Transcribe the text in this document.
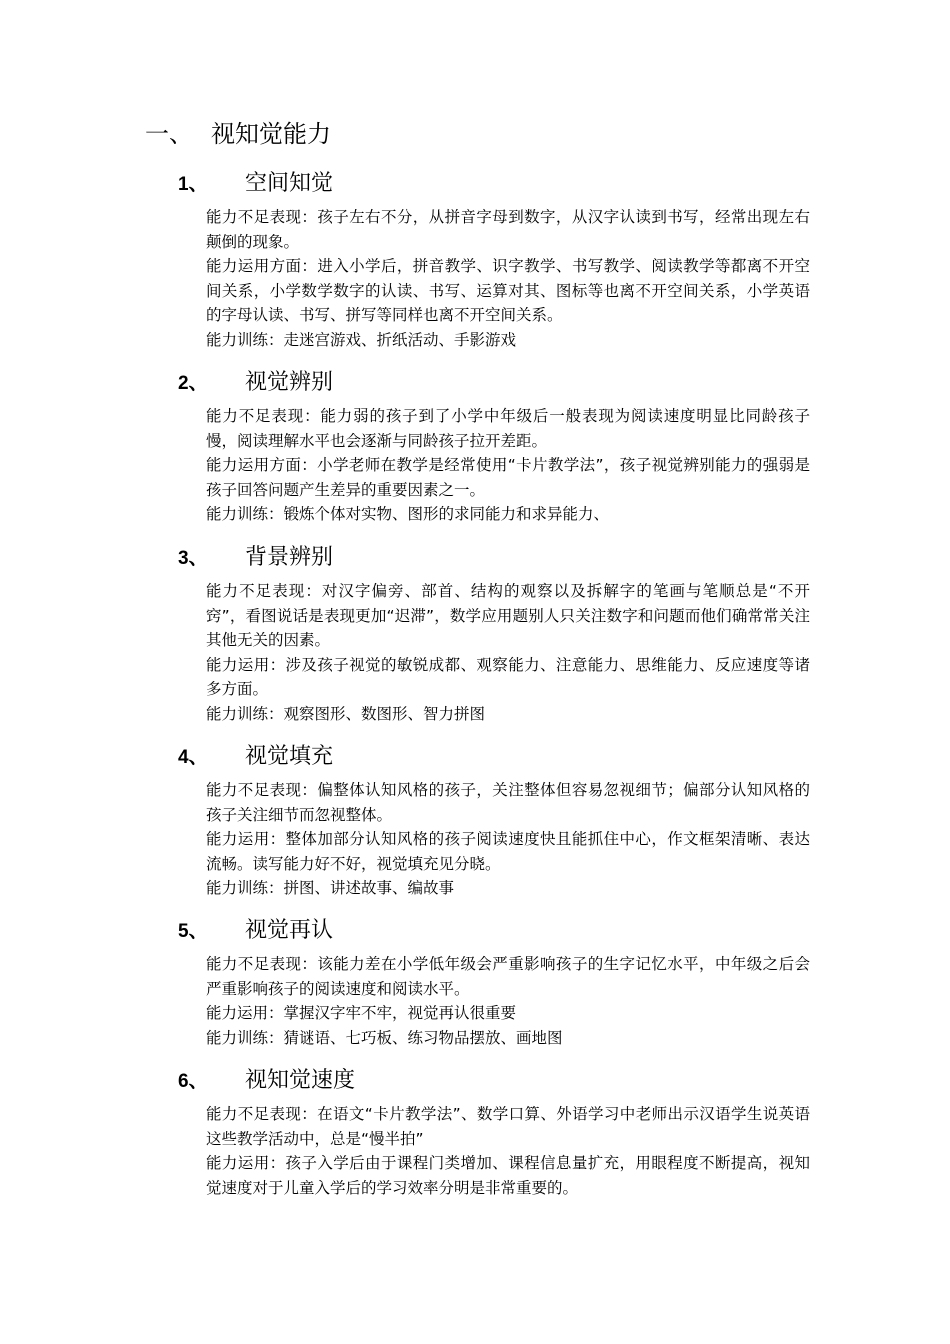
一、 视知觉能力
1、 空间知觉

能力不足表现：孩子左右不分，从拼音字母到数字，从汉字认读到书写，经常出现左右颠倒的现象。

能力运用方面：进入小学后，拼音教学、识字教学、书写教学、阅读教学等都离不开空间关系，小学数学数字的认读、书写、运算对其、图标等也离不开空间关系，小学英语的字母认读、书写、拼写等同样也离不开空间关系。

能力训练：走迷宫游戏、折纸活动、手影游戏

2、 视觉辨别

能力不足表现：能力弱的孩子到了小学中年级后一般表现为阅读速度明显比同龄孩子慢，阅读理解水平也会逐渐与同龄孩子拉开差距。

能力运用方面：小学老师在教学是经常使用“卡片教学法”，孩子视觉辨别能力的强弱是孩子回答问题产生差异的重要因素之一。

能力训练：锻炼个体对实物、图形的求同能力和求异能力、

3、 背景辨别

能力不足表现：对汉字偏旁、部首、结构的观察以及拆解字的笔画与笔顺总是“不开窍”，看图说话是表现更加“迟滞”，数学应用题别人只关注数字和问题而他们确常常关注其他无关的因素。

能力运用：涉及孩子视觉的敏锐成都、观察能力、注意能力、思维能力、反应速度等诸多方面。

能力训练：观察图形、数图形、智力拼图

4、 视觉填充

能力不足表现：偏整体认知风格的孩子，关注整体但容易忽视细节；偏部分认知风格的孩子关注细节而忽视整体。

能力运用：整体加部分认知风格的孩子阅读速度快且能抓住中心，作文框架清晰、表达流畅。读写能力好不好，视觉填充见分晓。

能力训练：拼图、讲述故事、编故事

5、 视觉再认

能力不足表现：该能力差在小学低年级会严重影响孩子的生字记忆水平，中年级之后会严重影响孩子的阅读速度和阅读水平。

能力运用：掌握汉字牢不牢，视觉再认很重要

能力训练：猜谜语、七巧板、练习物品摆放、画地图

6、 视知觉速度

能力不足表现：在语文“卡片教学法”、数学口算、外语学习中老师出示汉语学生说英语这些教学活动中，总是“慢半拍”

能力运用：孩子入学后由于课程门类增加、课程信息量扩充，用眼程度不断提高，视知觉速度对于儿童入学后的学习效率分明是非常重要的。
